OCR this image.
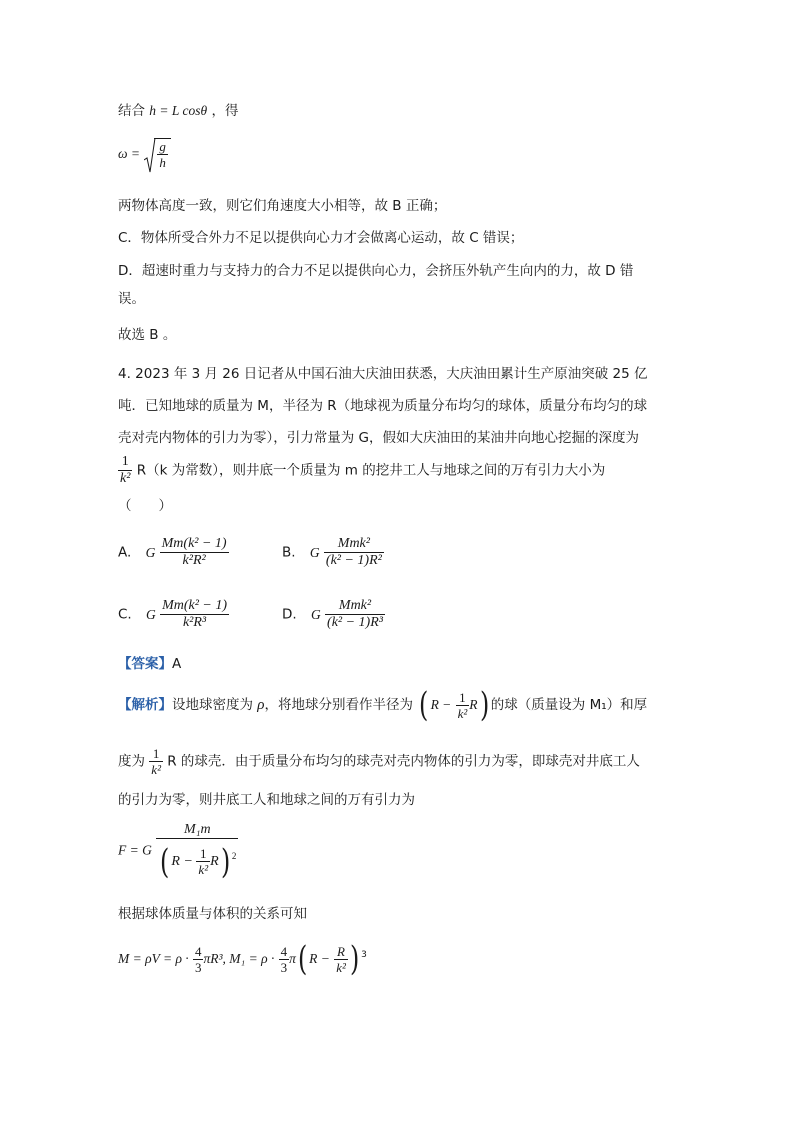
结合 h = L cosθ ，得
$\omega = \frac{g}{h}$
两物体高度一致，则它们角速度大小相等，故 B 正确；
C．物体所受合外力不足以提供向心力才会做离心运动，故 C 错误；
D．超速时重力与支持力的合力不足以提供向心力，会挤压外轨产生向内的力，故 D 错
误。
故选 B 。
4. 2023 年 3 月 26 日记者从中国石油大庆油田获悉，大庆油田累计生产原油突破 25 亿
吨．已知地球的质量为 M，半径为 R（地球视为质量分布均匀的球体，质量分布均匀的球
壳对壳内物体的引力为零），引力常量为 G，假如大庆油田的某油井向地心挖掘的深度为
$\frac{1}{\text{k²}} R(k$ 为常数），则井底一个质量为 m 的挖井工人与地球之间的万有引力大小为
（　　）
A. G $\frac{\text{Mm(k² − 1)}}{\text{k²R²}}$	B. G $\frac{\text{Mmk²}}{\text{(k² − 1)R²}}$
C. G $\frac{\text{Mm(k² − 1)}}{\text{k²R³}}$	D. G $\frac{\text{Mmk²}}{\text{(k² − 1)R³}}$
【答案】A
【解析】设地球密度为 ρ，将地球分别看作半径为 ( $R - \frac{1}{\text{k²}} R$) 的球（质量设为 M₁）和厚
度为 $\frac{1}{\text{k²}}$ R 的球壳．由于质量分布均匀的球壳对壳内物体的引力为零，即球壳对井底工人
的引力为零，则井底工人和地球之间的万有引力为
F = G $\frac{\text{M₁m}}{( R - \frac{1}{\text{k²}} R) ^2}$
根据球体质量与体积的关系可知
$M = \rho V = \rho \cdot \frac{4}{3} \pi R^3$, $M_1 = \rho \cdot \frac{4}{3} \pi$( $R - \frac{R}{\text{k²}}$ ) $^3$
